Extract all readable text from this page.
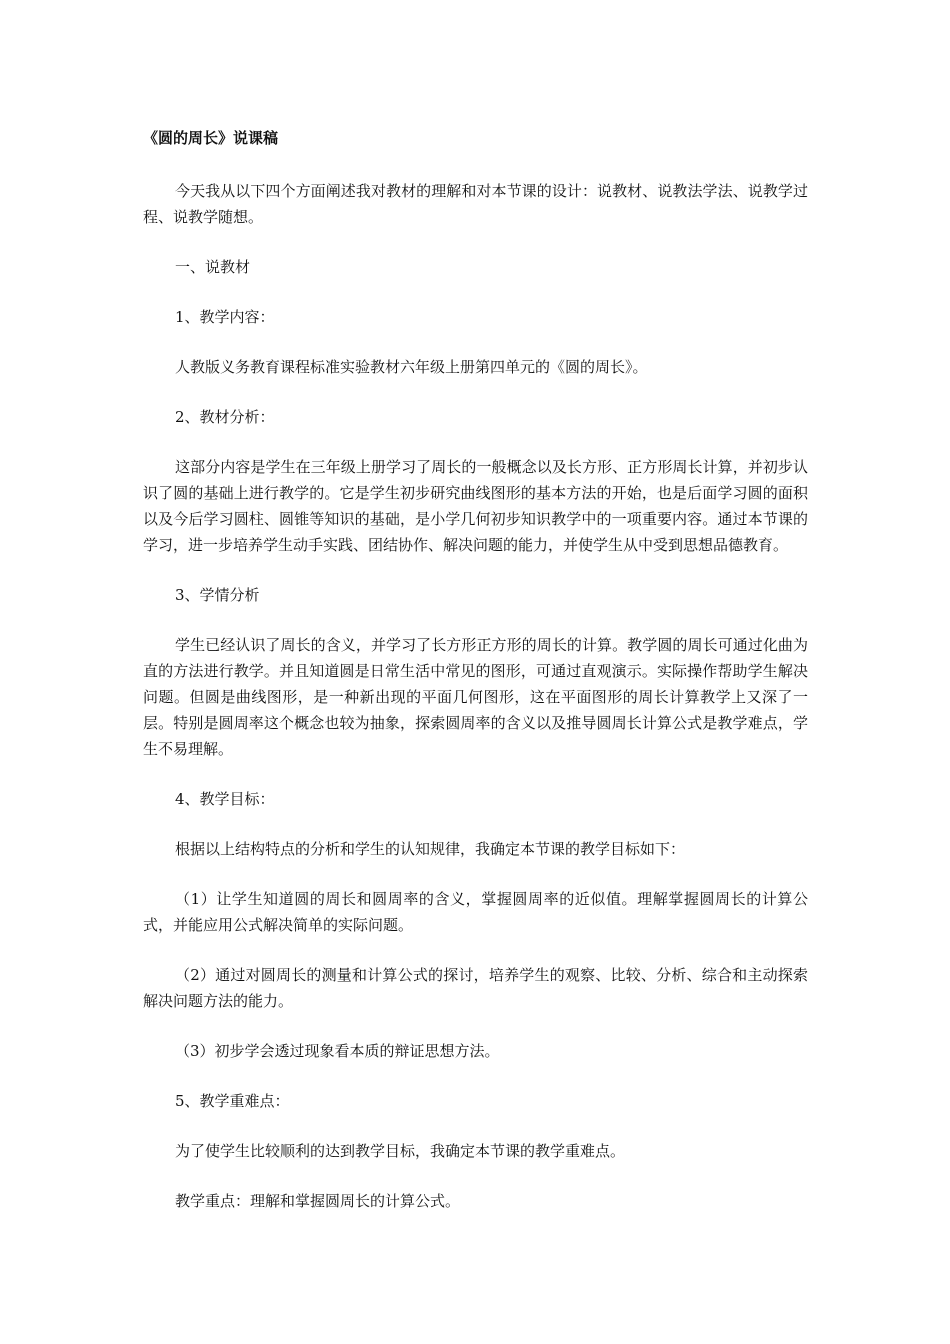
《圆的周长》说课稿

今天我从以下四个方面阐述我对教材的理解和对本节课的设计：说教材、说教法学法、说教学过程、说教学随想。

一、说教材

1、教学内容：

人教版义务教育课程标准实验教材六年级上册第四单元的《圆的周长》。

2、教材分析：

这部分内容是学生在三年级上册学习了周长的一般概念以及长方形、正方形周长计算，并初步认识了圆的基础上进行教学的。它是学生初步研究曲线图形的基本方法的开始，也是后面学习圆的面积以及今后学习圆柱、圆锥等知识的基础，是小学几何初步知识教学中的一项重要内容。通过本节课的学习，进一步培养学生动手实践、团结协作、解决问题的能力，并使学生从中受到思想品德教育。

3、学情分析

学生已经认识了周长的含义，并学习了长方形正方形的周长的计算。教学圆的周长可通过化曲为直的方法进行教学。并且知道圆是日常生活中常见的图形，可通过直观演示。实际操作帮助学生解决问题。但圆是曲线图形，是一种新出现的平面几何图形，这在平面图形的周长计算教学上又深了一层。特别是圆周率这个概念也较为抽象，探索圆周率的含义以及推导圆周长计算公式是教学难点，学生不易理解。

4、教学目标：

根据以上结构特点的分析和学生的认知规律，我确定本节课的教学目标如下：

（1）让学生知道圆的周长和圆周率的含义，掌握圆周率的近似值。理解掌握圆周长的计算公式，并能应用公式解决简单的实际问题。

（2）通过对圆周长的测量和计算公式的探讨，培养学生的观察、比较、分析、综合和主动探索解决问题方法的能力。

（3）初步学会透过现象看本质的辩证思想方法。

5、教学重难点：

为了使学生比较顺利的达到教学目标，我确定本节课的教学重难点。

教学重点：理解和掌握圆周长的计算公式。
